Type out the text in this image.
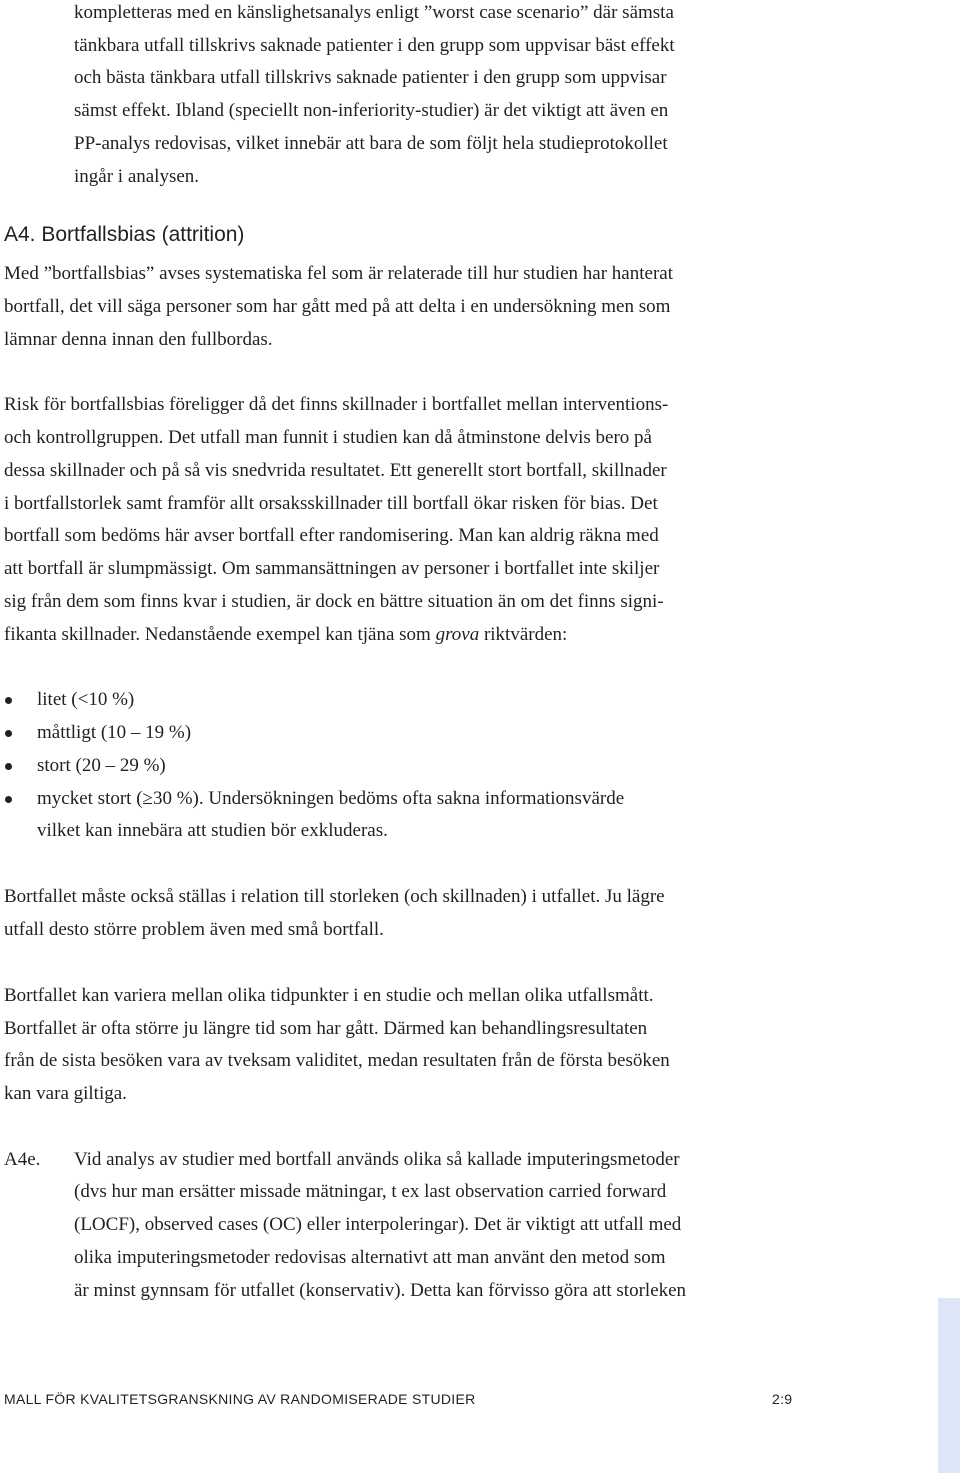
kompletteras med en känslighetsanalys enligt ”worst case scenario” där sämsta
tänkbara utfall tillskrivs saknade patienter i den grupp som uppvisar bäst effekt
och bästa tänkbara utfall tillskrivs saknade patienter i den grupp som uppvisar
sämst effekt. Ibland (speciellt non-inferiority-studier) är det viktigt att även en
PP-analys redovisas, vilket innebär att bara de som följt hela studieprotokollet
ingår i analysen.
A4. Bortfallsbias (attrition)
Med ”bortfallsbias” avses systematiska fel som är relaterade till hur studien har hanterat
bortfall, det vill säga personer som har gått med på att delta i en undersökning men som
lämnar denna innan den fullbordas.
Risk för bortfallsbias föreligger då det finns skillnader i bortfallet mellan interventions-
och kontrollgruppen. Det utfall man funnit i studien kan då åtminstone delvis bero på
dessa skillnader och på så vis snedvrida resultatet. Ett generellt stort bortfall, skillnader
i bortfallstorlek samt framför allt orsaksskillnader till bortfall ökar risken för bias. Det
bortfall som bedöms här avser bortfall efter randomisering. Man kan aldrig räkna med
att bortfall är slumpmässigt. Om sammansättningen av personer i bortfallet inte skiljer
sig från dem som finns kvar i studien, är dock en bättre situation än om det finns signi-
fikanta skillnader. Nedanstående exempel kan tjäna som grova riktvärden:
litet (<10 %)
måttligt (10 – 19 %)
stort (20 – 29 %)
mycket stort (≥30 %). Undersökningen bedöms ofta sakna informationsvärde
vilket kan innebära att studien bör exkluderas.
Bortfallet måste också ställas i relation till storleken (och skillnaden) i utfallet. Ju lägre
utfall desto större problem även med små bortfall.
Bortfallet kan variera mellan olika tidpunkter i en studie och mellan olika utfallsmått.
Bortfallet är ofta större ju längre tid som har gått. Därmed kan behandlingsresultaten
från de sista besöken vara av tveksam validitet, medan resultaten från de första besöken
kan vara giltiga.
A4e. Vid analys av studier med bortfall används olika så kallade imputeringsmetoder
(dvs hur man ersätter missade mätningar, t ex last observation carried forward
(LOCF), observed cases (OC) eller interpoleringar). Det är viktigt att utfall med
olika imputeringsmetoder redovisas alternativt att man använt den metod som
är minst gynnsam för utfallet (konservativ). Detta kan förvisso göra att storleken
MALL FÖR KVALITETSGRANSKNING AV RANDOMISERADE STUDIER	2:9
